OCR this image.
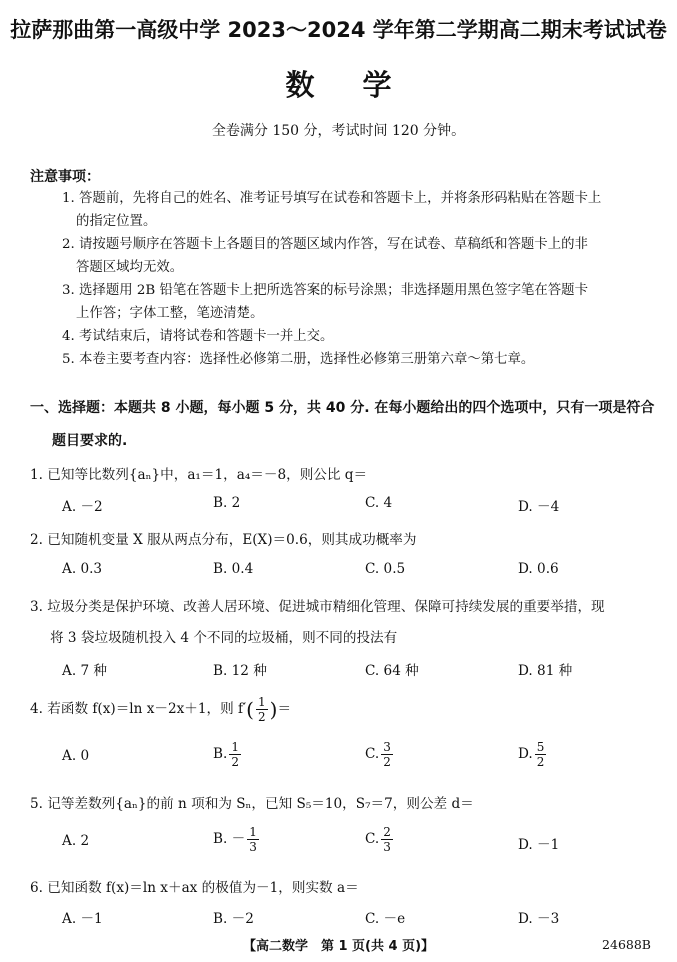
拉萨那曲第一高级中学 2023～2024 学年第二学期高二期末考试试卷
数 学
全卷满分 150 分，考试时间 120 分钟。
注意事项：
1. 答题前，先将自己的姓名、准考证号填写在试卷和答题卡上，并将条形码粘贴在答题卡上
的指定位置。
2. 请按题号顺序在答题卡上各题目的答题区域内作答，写在试卷、草稿纸和答题卡上的非
答题区域均无效。
3. 选择题用 2B 铅笔在答题卡上把所选答案的标号涂黑；非选择题用黑色签字笔在答题卡
上作答；字体工整，笔迹清楚。
4. 考试结束后，请将试卷和答题卡一并上交。
5. 本卷主要考查内容：选择性必修第二册，选择性必修第三册第六章～第七章。
一、选择题：本题共 8 小题，每小题 5 分，共 40 分. 在每小题给出的四个选项中，只有一项是符合
题目要求的.
1. 已知等比数列{aₙ}中，a₁＝1，a₄＝－8，则公比 q＝
A. －2	B. 2	C. 4	D. －4
2. 已知随机变量 X 服从两点分布，E(X)＝0.6，则其成功概率为
A. 0.3	B. 0.4	C. 0.5	D. 0.6
3. 垃圾分类是保护环境、改善人居环境、促进城市精细化管理、保障可持续发展的重要举措，现
将 3 袋垃圾随机投入 4 个不同的垃圾桶，则不同的投法有
A. 7 种	B. 12 种	C. 64 种	D. 81 种
4. 若函数 f(x)＝ln x－2x＋1，则 $f'( \frac{1}{2}$ )＝
A. 0	B. $\frac{1}{2}$	C. $\frac{3}{2}$	D. $\frac{5}{2}$
5. 记等差数列{aₙ}的前 n 项和为 Sₙ，已知 S₅＝10，S₇＝7，则公差 d＝
A. 2	B. － $\frac{1}{3}$	C. $\frac{2}{3}$	D. －1
6. 已知函数 f(x)＝ln x＋ax 的极值为－1，则实数 a＝
A. －1	B. －2	C. －e	D. －3
【高二数学　第 1 页(共 4 页)】	24688B
